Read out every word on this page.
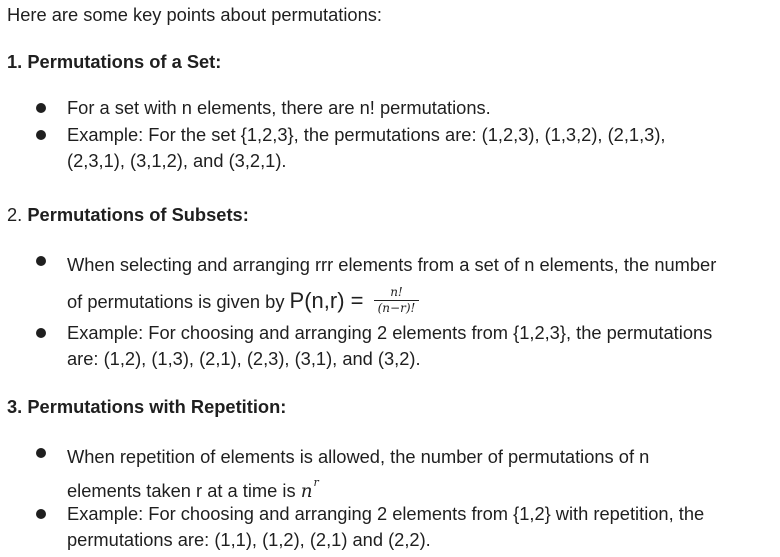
Here are some key points about permutations:
1. Permutations of a Set:
For a set with n elements, there are n! permutations.
Example: For the set {1,2,3}, the permutations are: (1,2,3), (1,3,2), (2,1,3),
(2,3,1), (3,1,2), and (3,2,1).
2. Permutations of Subsets:
When selecting and arranging rrr elements from a set of n elements, the number
of permutations is given by $P(n,r) = \frac{n!}{(n-r)!}$
Example: For choosing and arranging 2 elements from {1,2,3}, the permutations
are: (1,2), (1,3), (2,1), (2,3), (3,1), and (3,2).
3. Permutations with Repetition:
When repetition of elements is allowed, the number of permutations of n
elements taken r at a time is $n^r$
Example: For choosing and arranging 2 elements from {1,2} with repetition, the
permutations are: (1,1), (1,2), (2,1) and (2,2).
